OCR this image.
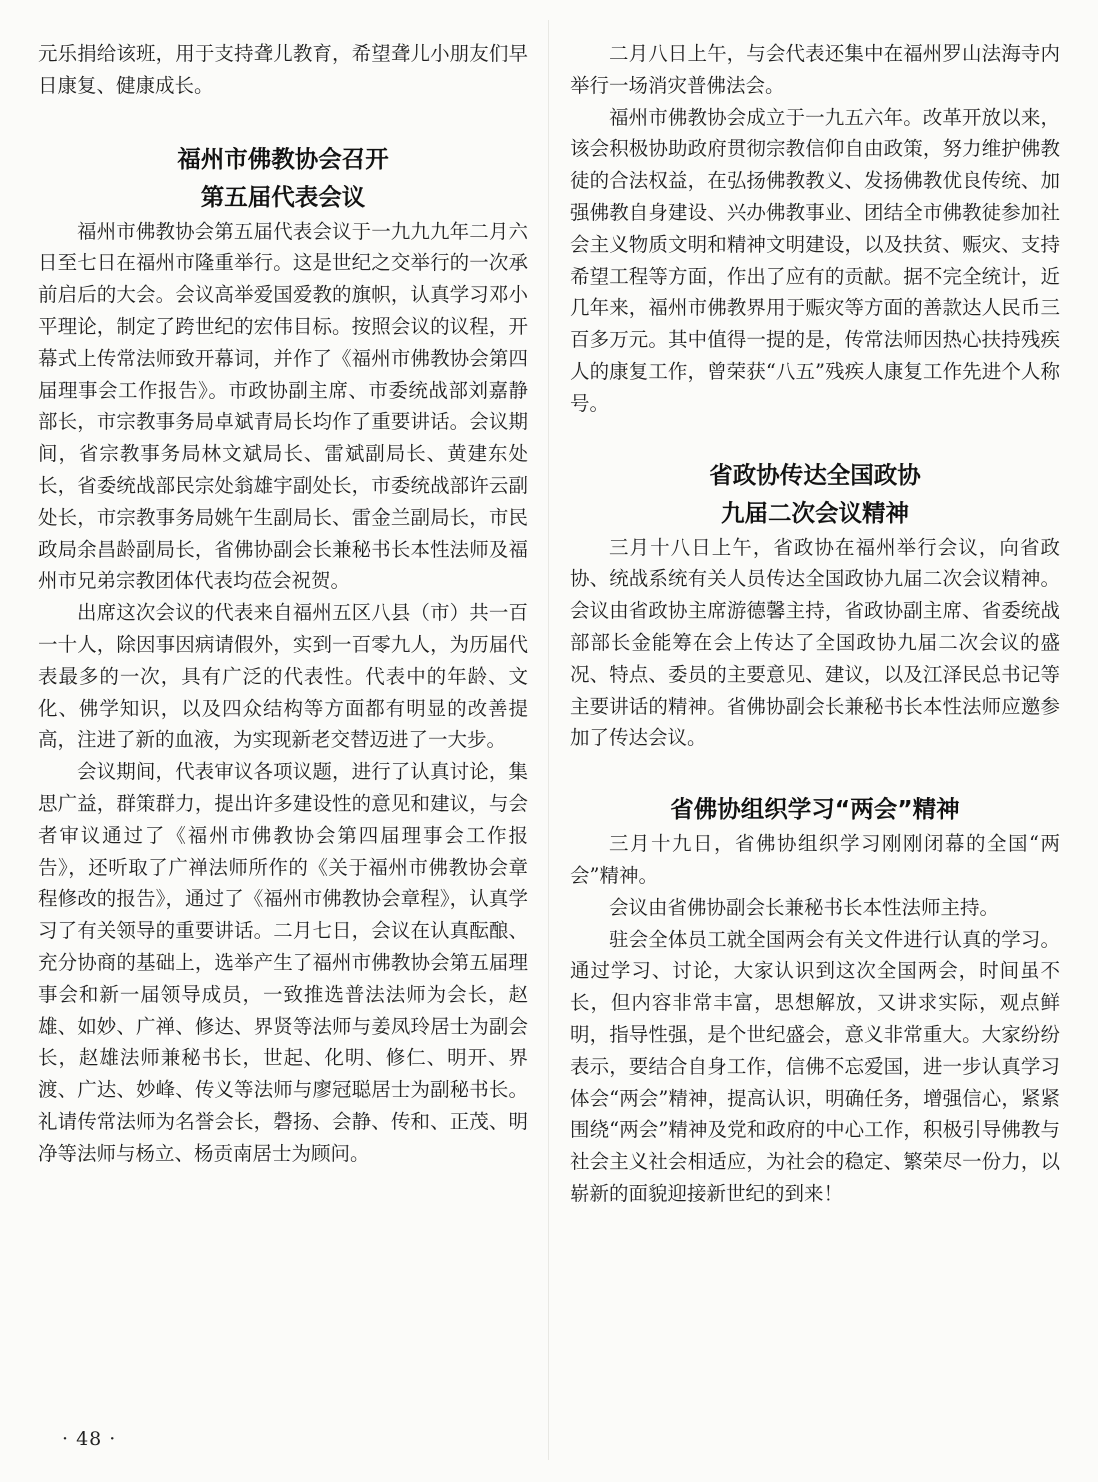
元乐捐给该班，用于支持聋儿教育，希望聋儿小朋友们早日康复、健康成长。

福州市佛教协会召开
第五届代表会议

福州市佛教协会第五届代表会议于一九九九年二月六日至七日在福州市隆重举行。这是世纪之交举行的一次承前启后的大会。会议高举爱国爱教的旗帜，认真学习邓小平理论，制定了跨世纪的宏伟目标。按照会议的议程，开幕式上传常法师致开幕词，并作了《福州市佛教协会第四届理事会工作报告》。市政协副主席、市委统战部刘嘉静部长，市宗教事务局卓斌青局长均作了重要讲话。会议期间，省宗教事务局林文斌局长、雷斌副局长、黄建东处长，省委统战部民宗处翁雄宇副处长，市委统战部许云副处长，市宗教事务局姚午生副局长、雷金兰副局长，市民政局余昌龄副局长，省佛协副会长兼秘书长本性法师及福州市兄弟宗教团体代表均莅会祝贺。

出席这次会议的代表来自福州五区八县（市）共一百一十人，除因事因病请假外，实到一百零九人，为历届代表最多的一次，具有广泛的代表性。代表中的年龄、文化、佛学知识，以及四众结构等方面都有明显的改善提高，注进了新的血液，为实现新老交替迈进了一大步。

会议期间，代表审议各项议题，进行了认真讨论，集思广益，群策群力，提出许多建设性的意见和建议，与会者审议通过了《福州市佛教协会第四届理事会工作报告》，还听取了广禅法师所作的《关于福州市佛教协会章程修改的报告》，通过了《福州市佛教协会章程》，认真学习了有关领导的重要讲话。二月七日，会议在认真酝酿、充分协商的基础上，选举产生了福州市佛教协会第五届理事会和新一届领导成员，一致推选普法法师为会长，赵雄、如妙、广禅、修达、界贤等法师与姜凤玲居士为副会长，赵雄法师兼秘书长，世起、化明、修仁、明开、界渡、广达、妙峰、传义等法师与廖冠聪居士为副秘书长。礼请传常法师为名誉会长，磬扬、会静、传和、正茂、明净等法师与杨立、杨贡南居士为顾问。

二月八日上午，与会代表还集中在福州罗山法海寺内举行一场消灾普佛法会。

福州市佛教协会成立于一九五六年。改革开放以来，该会积极协助政府贯彻宗教信仰自由政策，努力维护佛教徒的合法权益，在弘扬佛教教义、发扬佛教优良传统、加强佛教自身建设、兴办佛教事业、团结全市佛教徒参加社会主义物质文明和精神文明建设，以及扶贫、赈灾、支持希望工程等方面，作出了应有的贡献。据不完全统计，近几年来，福州市佛教界用于赈灾等方面的善款达人民币三百多万元。其中值得一提的是，传常法师因热心扶持残疾人的康复工作，曾荣获“八五”残疾人康复工作先进个人称号。

省政协传达全国政协
九届二次会议精神

三月十八日上午，省政协在福州举行会议，向省政协、统战系统有关人员传达全国政协九届二次会议精神。会议由省政协主席游德馨主持，省政协副主席、省委统战部部长金能筹在会上传达了全国政协九届二次会议的盛况、特点、委员的主要意见、建议，以及江泽民总书记等主要讲话的精神。省佛协副会长兼秘书长本性法师应邀参加了传达会议。

省佛协组织学习“两会”精神

三月十九日，省佛协组织学习刚刚闭幕的全国“两会”精神。

会议由省佛协副会长兼秘书长本性法师主持。

驻会全体员工就全国两会有关文件进行认真的学习。通过学习、讨论，大家认识到这次全国两会，时间虽不长，但内容非常丰富，思想解放，又讲求实际，观点鲜明，指导性强，是个世纪盛会，意义非常重大。大家纷纷表示，要结合自身工作，信佛不忘爱国，进一步认真学习体会“两会”精神，提高认识，明确任务，增强信心，紧紧围绕“两会”精神及党和政府的中心工作，积极引导佛教与社会主义社会相适应，为社会的稳定、繁荣尽一份力，以崭新的面貌迎接新世纪的到来！

· 48 ·
